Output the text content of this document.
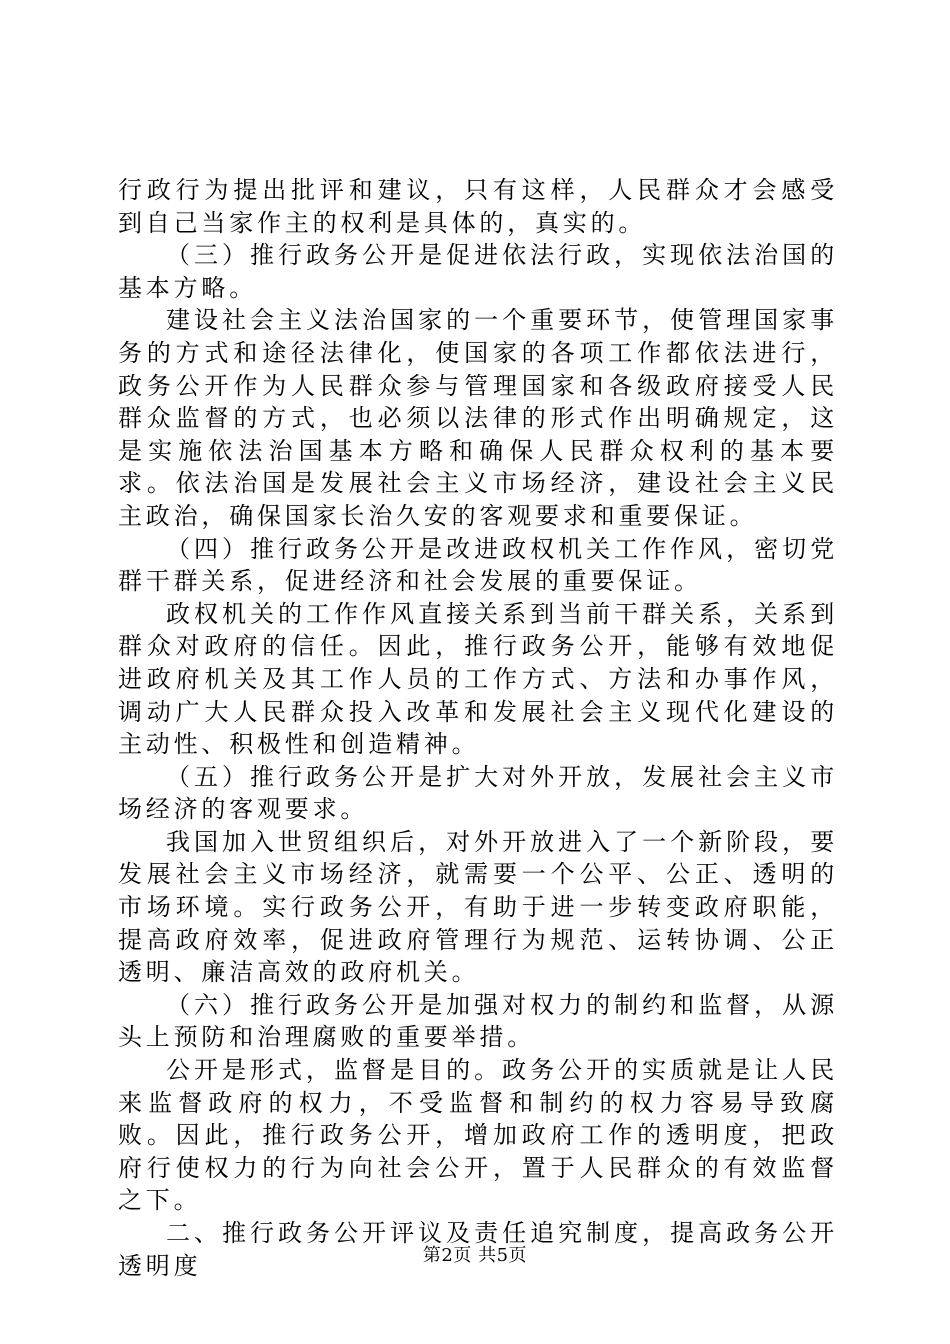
行政行为提出批评和建议，只有这样，人民群众才会感受到自己当家作主的权利是具体的，真实的。

（三）推行政务公开是促进依法行政，实现依法治国的基本方略。

建设社会主义法治国家的一个重要环节，使管理国家事务的方式和途径法律化，使国家的各项工作都依法进行，政务公开作为人民群众参与管理国家和各级政府接受人民群众监督的方式，也必须以法律的形式作出明确规定，这是实施依法治国基本方略和确保人民群众权利的基本要求。依法治国是发展社会主义市场经济，建设社会主义民主政治，确保国家长治久安的客观要求和重要保证。

（四）推行政务公开是改进政权机关工作作风，密切党群干群关系，促进经济和社会发展的重要保证。

政权机关的工作作风直接关系到当前干群关系，关系到群众对政府的信任。因此，推行政务公开，能够有效地促进政府机关及其工作人员的工作方式、方法和办事作风，调动广大人民群众投入改革和发展社会主义现代化建设的主动性、积极性和创造精神。

（五）推行政务公开是扩大对外开放，发展社会主义市场经济的客观要求。

我国加入世贸组织后，对外开放进入了一个新阶段，要发展社会主义市场经济，就需要一个公平、公正、透明的市场环境。实行政务公开，有助于进一步转变政府职能，提高政府效率，促进政府管理行为规范、运转协调、公正透明、廉洁高效的政府机关。

（六）推行政务公开是加强对权力的制约和监督，从源头上预防和治理腐败的重要举措。

公开是形式，监督是目的。政务公开的实质就是让人民来监督政府的权力，不受监督和制约的权力容易导致腐败。因此，推行政务公开，增加政府工作的透明度，把政府行使权力的行为向社会公开，置于人民群众的有效监督之下。

二、推行政务公开评议及责任追究制度，提高政务公开透明度	第2页 共5页
